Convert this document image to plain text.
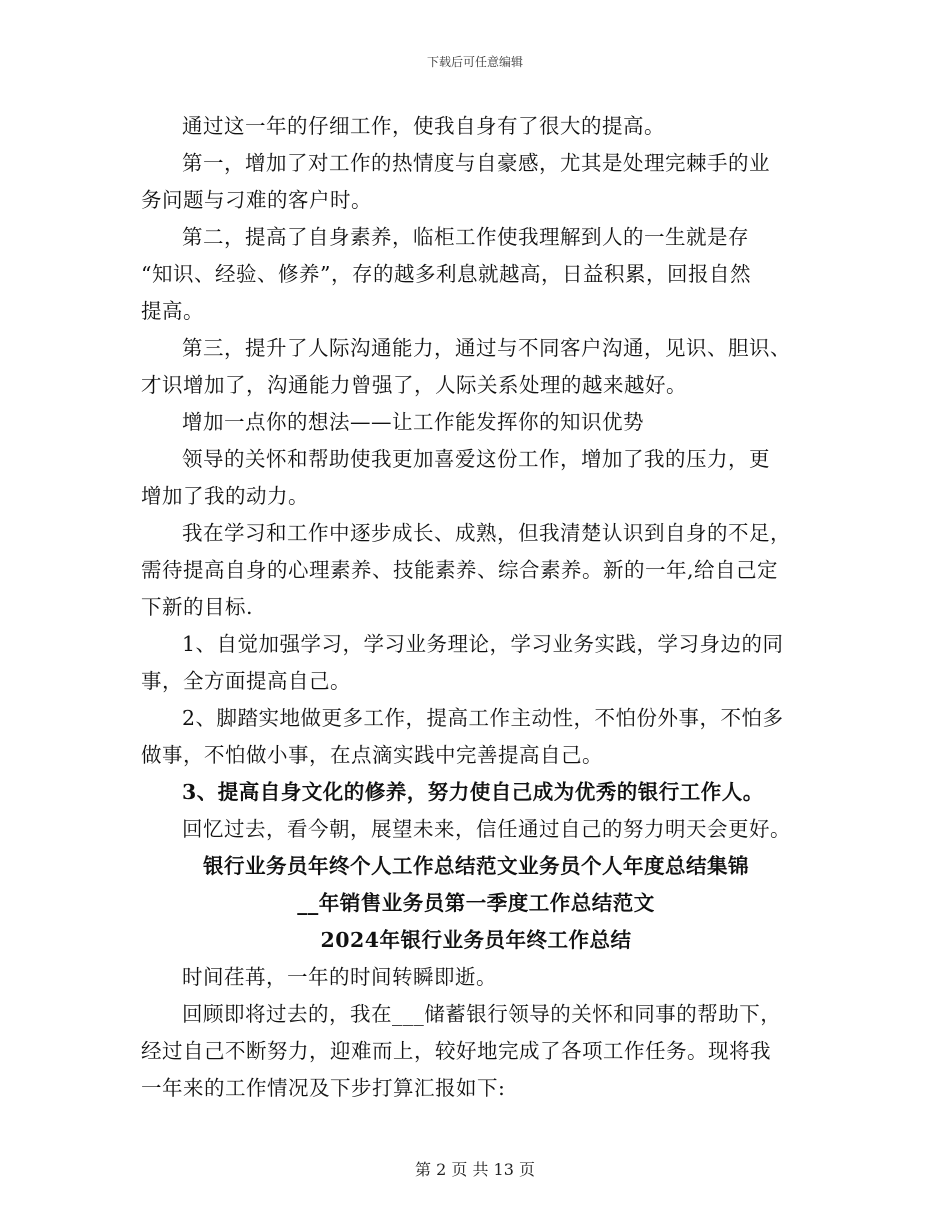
下载后可任意编辑

通过这一年的仔细工作，使我自身有了很大的提高。

第一，增加了对工作的热情度与自豪感，尤其是处理完棘手的业
务问题与刁难的客户时。

第二，提高了自身素养，临柜工作使我理解到人的一生就是存
“知识、经验、修养”，存的越多利息就越高，日益积累，回报自然
提高。

第三，提升了人际沟通能力，通过与不同客户沟通，见识、胆识、
才识增加了，沟通能力曾强了，人际关系处理的越来越好。

增加一点你的想法——让工作能发挥你的知识优势

领导的关怀和帮助使我更加喜爱这份工作，增加了我的压力，更
增加了我的动力。

我在学习和工作中逐步成长、成熟，但我清楚认识到自身的不足，
需待提高自身的心理素养、技能素养、综合素养。新的一年,给自己定
下新的目标.

1、自觉加强学习，学习业务理论，学习业务实践，学习身边的同
事，全方面提高自己。

2、脚踏实地做更多工作，提高工作主动性，不怕份外事，不怕多
做事，不怕做小事，在点滴实践中完善提高自己。

3、提高自身文化的修养，努力使自己成为优秀的银行工作人。

回忆过去，看今朝，展望未来，信任通过自己的努力明天会更好。

银行业务员年终个人工作总结范文业务员个人年度总结集锦

__年销售业务员第一季度工作总结范文

2024年银行业务员年终工作总结

时间荏苒，一年的时间转瞬即逝。

回顾即将过去的，我在___储蓄银行领导的关怀和同事的帮助下，
经过自己不断努力，迎难而上，较好地完成了各项工作任务。现将我
一年来的工作情况及下步打算汇报如下:

第 2 页 共 13 页
